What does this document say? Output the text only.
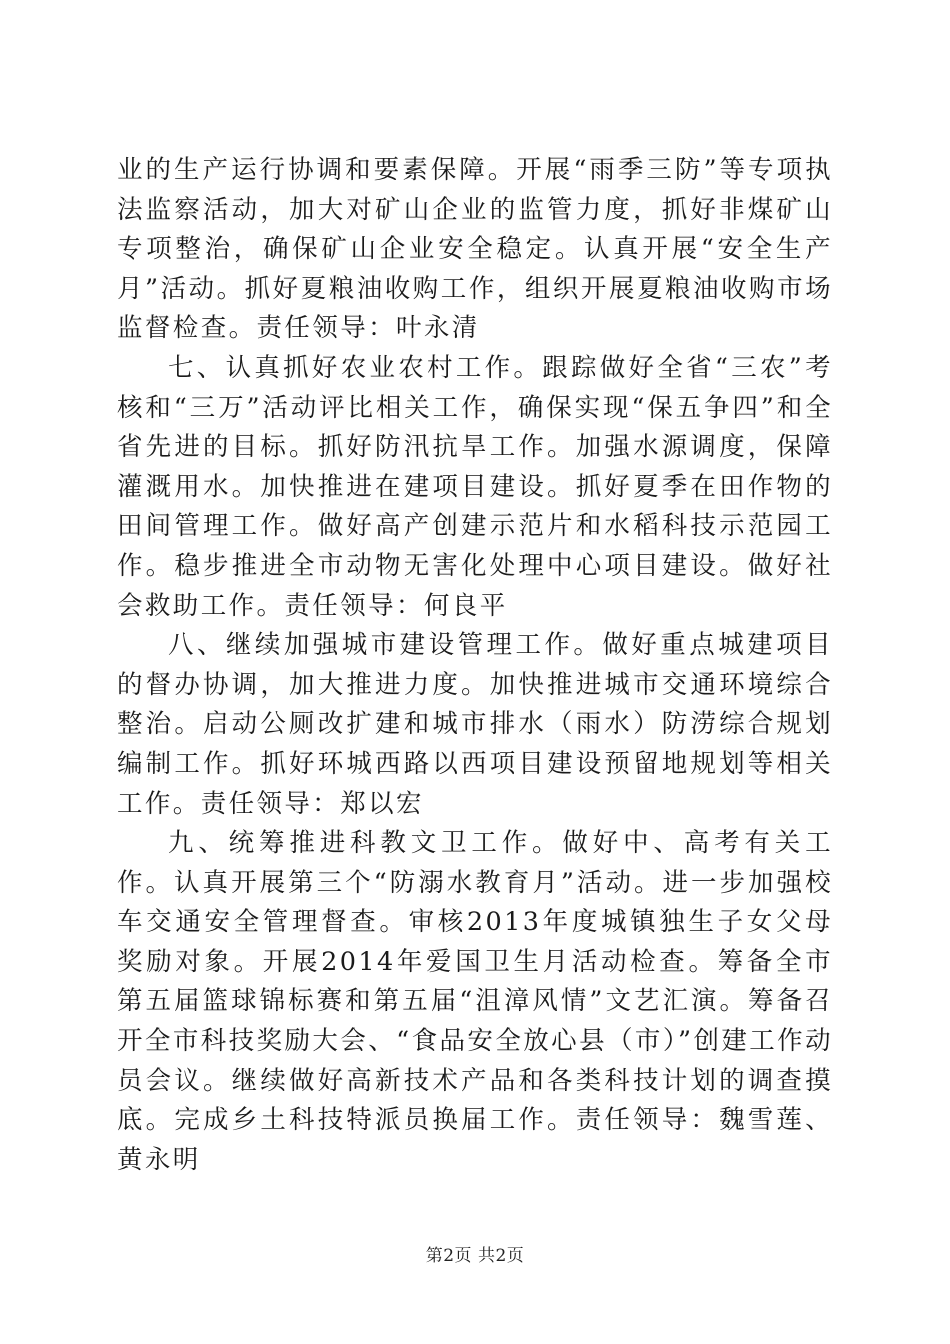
业的生产运行协调和要素保障。开展“雨季三防”等专项执法监察活动，加大对矿山企业的监管力度，抓好非煤矿山专项整治，确保矿山企业安全稳定。认真开展“安全生产月”活动。抓好夏粮油收购工作，组织开展夏粮油收购市场监督检查。责任领导：叶永清

七、认真抓好农业农村工作。跟踪做好全省“三农”考核和“三万”活动评比相关工作，确保实现“保五争四”和全省先进的目标。抓好防汛抗旱工作。加强水源调度，保障灌溉用水。加快推进在建项目建设。抓好夏季在田作物的田间管理工作。做好高产创建示范片和水稻科技示范园工作。稳步推进全市动物无害化处理中心项目建设。做好社会救助工作。责任领导：何良平

八、继续加强城市建设管理工作。做好重点城建项目的督办协调，加大推进力度。加快推进城市交通环境综合整治。启动公厕改扩建和城市排水（雨水）防涝综合规划编制工作。抓好环城西路以西项目建设预留地规划等相关工作。责任领导：郑以宏

九、统筹推进科教文卫工作。做好中、高考有关工作。认真开展第三个“防溺水教育月”活动。进一步加强校车交通安全管理督查。审核2013年度城镇独生子女父母奖励对象。开展2014年爱国卫生月活动检查。筹备全市第五届篮球锦标赛和第五届“沮漳风情”文艺汇演。筹备召开全市科技奖励大会、“食品安全放心县（市）”创建工作动员会议。继续做好高新技术产品和各类科技计划的调查摸底。完成乡土科技特派员换届工作。责任领导：魏雪莲、黄永明

第2页 共2页
